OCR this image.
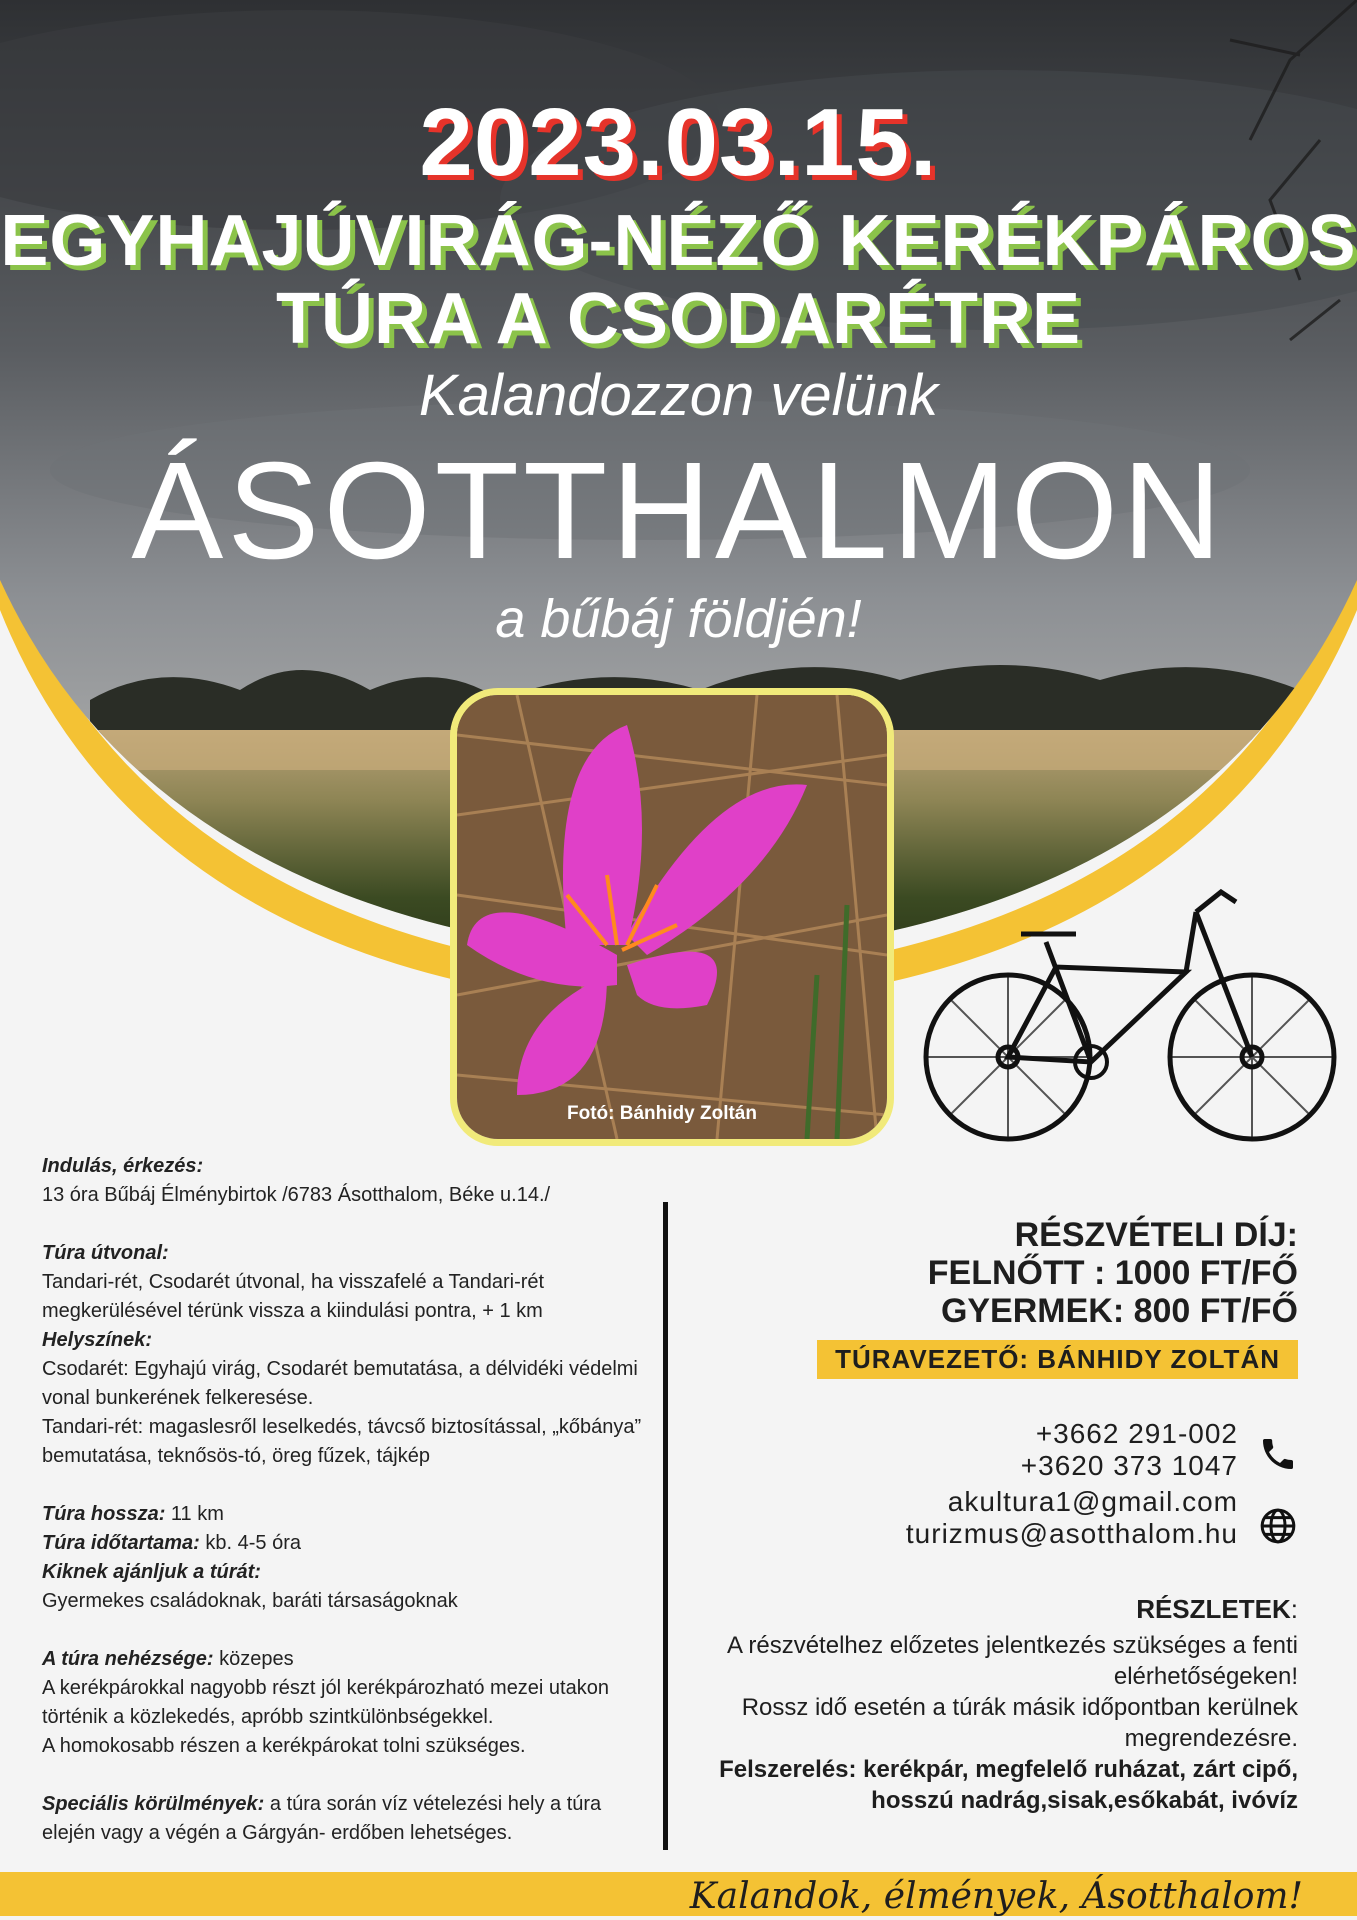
2023.03.15.
EGYHAJÚVIRÁG-NÉZŐ KERÉKPÁROS
TÚRA A CSODARÉTRE
Kalandozzon velünk
ÁSOTTHALMON
a bűbáj földjén!
Fotó: Bánhidy Zoltán

Indulás, érkezés:

13 óra Bűbáj Élménybirtok /6783 Ásotthalom, Béke u.14./

Túra útvonal:

Tandari-rét, Csodarét útvonal, ha visszafelé a Tandari-rét megkerülésével térünk vissza a kiindulási pontra, + 1 km

Helyszínek:

Csodarét: Egyhajú virág, Csodarét bemutatása, a délvidéki védelmi vonal bunkerének felkeresése.

Tandari-rét: magaslesről leselkedés, távcső biztosítással, „kőbánya” bemutatása, teknősös-tó, öreg fűzek, tájkép

Túra hossza: 11 km

Túra időtartama: kb. 4-5 óra

Kiknek ajánljuk a túrát:

Gyermekes családoknak, baráti társaságoknak

A túra nehézsége: közepes

A kerékpárokkal nagyobb részt jól kerékpározható mezei utakon történik a közlekedés, apróbb szintkülönbségekkel.

A homokosabb részen a kerékpárokat tolni szükséges.

Speciális körülmények: a túra során víz vételezési hely a túra elején vagy a végén a Gárgyán- erdőben lehetséges.

RÉSZVÉTELI DÍJ:

FELNŐTT : 1000 FT/FŐ

GYERMEK: 800 FT/FŐ

TÚRAVEZETŐ: BÁNHIDY ZOLTÁN
+3662 291-002
+3620 373 1047
akultura1@gmail.com
turizmus@asotthalom.hu
RÉSZLETEK:

A részvételhez előzetes jelentkezés szükséges a fenti elérhetőségeken!

Rossz idő esetén a túrák másik időpontban kerülnek megrendezésre.

Felszerelés: kerékpár, megfelelő ruházat, zárt cipő, hosszú nadrág,sisak,esőkabát, ivóvíz

Kalandok, élmények, Ásotthalom!
